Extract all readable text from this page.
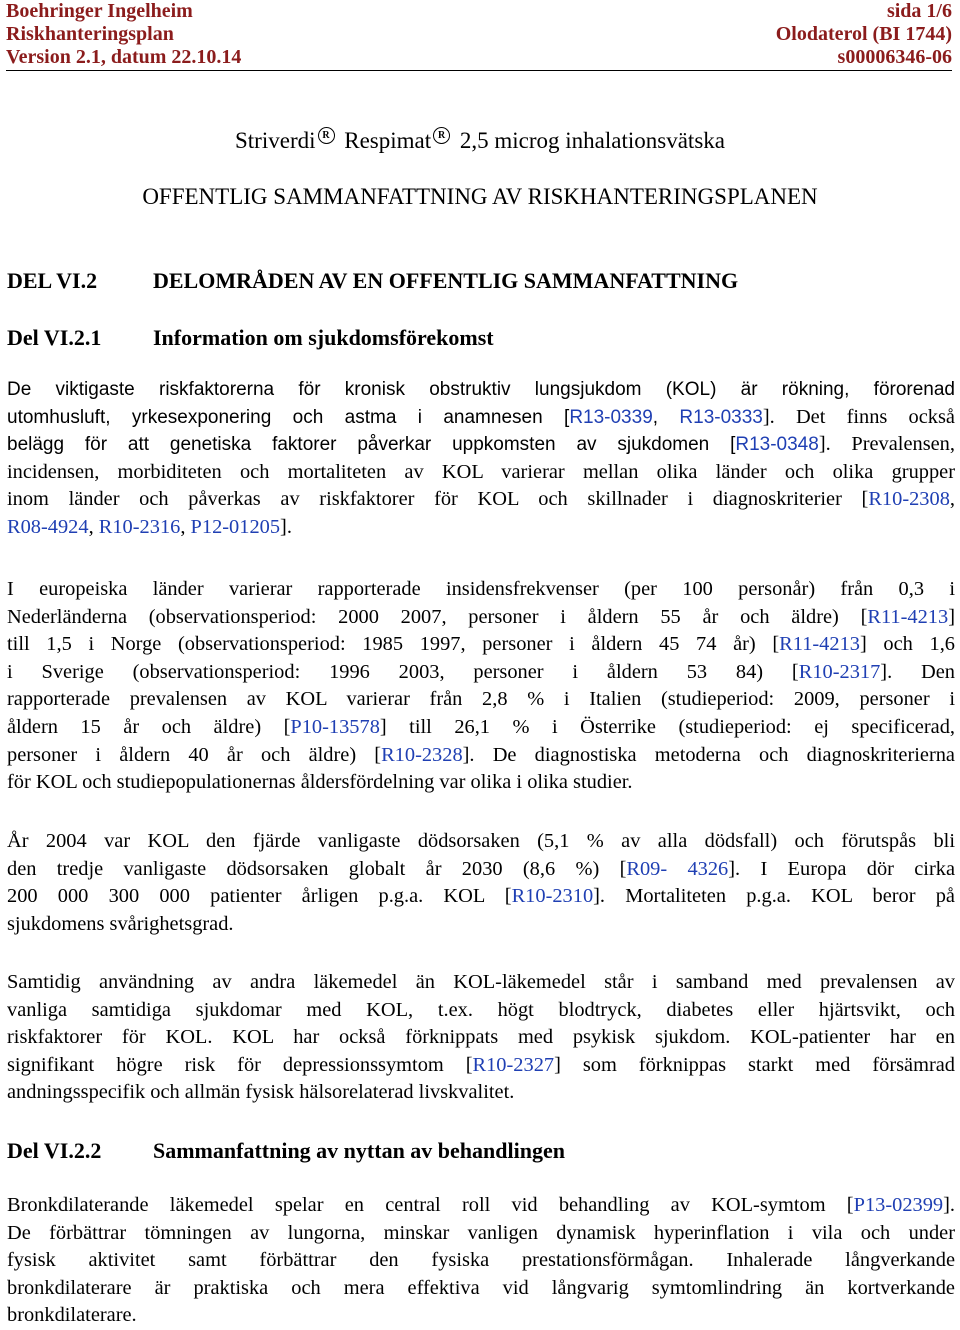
Boehringer Ingelheim	sida 1/6
Riskhanteringsplan	Olodaterol (BI 1744)
Version 2.1, datum 22.10.14	s00006346-06
Striverdi $^R$ Respimat $^R$ 2,5 microg inhalationsvätska
OFFENTLIG SAMMANFATTNING AV RISKHANTERINGSPLANEN
DEL VI.2	DELOMRÅDEN AV EN OFFENTLIG SAMMANFATTNING
Del VI.2.1 Information om sjukdomsförekomst
De viktigaste riskfaktorerna för kronisk obstruktiv lungsjukdom (KOL) är rökning, förorenad
utomhusluft, yrkesexponering och astma i anamnesen [R13-0339, R13-0333]. Det finns också
belägg för att genetiska faktorer påverkar uppkomsten av sjukdomen [R13-0348]. Prevalensen,
incidensen, morbiditeten och mortaliteten av KOL varierar mellan olika länder och olika grupper
inom länder och påverkas av riskfaktorer för KOL och skillnader i diagnoskriterier [R10-2308,
R08-4924, R10-2316, P12-01205].
I europeiska länder varierar rapporterade insidensfrekvenser (per 100 personår) från 0,3 i
Nederländerna (observationsperiod: 2000 2007, personer i åldern 55 år och äldre) [R11-4213]
till 1,5 i Norge (observationsperiod: 1985 1997, personer i åldern 45 74 år) [R11-4213] och 1,6
i Sverige (observationsperiod: 1996 2003, personer i åldern 53 84) [R10-2317]. Den
rapporterade prevalensen av KOL varierar från 2,8 % i Italien (studieperiod: 2009, personer i
åldern 15 år och äldre) [P10-13578] till 26,1 % i Österrike (studieperiod: ej specificerad,
personer i åldern 40 år och äldre) [R10-2328]. De diagnostiska metoderna och diagnoskriterierna
för KOL och studiepopulationernas åldersfördelning var olika i olika studier.
År 2004 var KOL den fjärde vanligaste dödsorsaken (5,1 % av alla dödsfall) och förutspås bli
den tredje vanligaste dödsorsaken globalt år 2030 (8,6 %) [R09- 4326]. I Europa dör cirka
200 000 300 000 patienter årligen p.g.a. KOL [R10-2310]. Mortaliteten p.g.a. KOL beror på
sjukdomens svårighetsgrad.
Samtidig användning av andra läkemedel än KOL-läkemedel står i samband med prevalensen av
vanliga samtidiga sjukdomar med KOL, t.ex. högt blodtryck, diabetes eller hjärtsvikt, och
riskfaktorer för KOL. KOL har också förknippats med psykisk sjukdom. KOL-patienter har en
signifikant högre risk för depressionssymtom [R10-2327] som förknippas starkt med försämrad
andningsspecifik och allmän fysisk hälsorelaterad livskvalitet.
Del VI.2.2 Sammanfattning av nyttan av behandlingen
Bronkdilaterande läkemedel spelar en central roll vid behandling av KOL-symtom [P13-02399].
De förbättrar tömningen av lungorna, minskar vanligen dynamisk hyperinflation i vila och under
fysisk aktivitet samt förbättrar den fysiska prestationsförmågan. Inhalerade långverkande
bronkdilaterare är praktiska och mera effektiva vid långvarig symtomlindring än kortverkande
bronkdilaterare.
